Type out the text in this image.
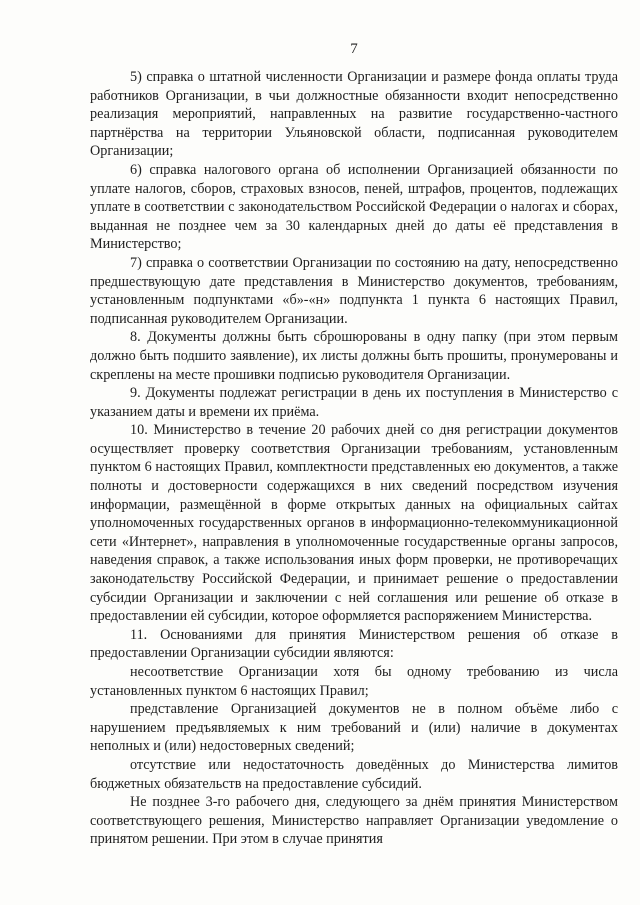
7

5) справка о штатной численности Организации и размере фонда оплаты труда работников Организации, в чьи должностные обязанности входит непосредственно реализация мероприятий, направленных на развитие государственно-частного партнёрства на территории Ульяновской области, подписанная руководителем Организации;

6) справка налогового органа об исполнении Организацией обязанности по уплате налогов, сборов, страховых взносов, пеней, штрафов, процентов, подлежащих уплате в соответствии с законодательством Российской Федерации о налогах и сборах, выданная не позднее чем за 30 календарных дней до даты её представления в Министерство;

7) справка о соответствии Организации по состоянию на дату, непосредственно предшествующую дате представления в Министерство документов, требованиям, установленным подпунктами «б»-«н» подпункта 1 пункта 6 настоящих Правил, подписанная руководителем Организации.

8. Документы должны быть сброшюрованы в одну папку (при этом первым должно быть подшито заявление), их листы должны быть прошиты, пронумерованы и скреплены на месте прошивки подписью руководителя Организации.

9. Документы подлежат регистрации в день их поступления в Министерство с указанием даты и времени их приёма.

10. Министерство в течение 20 рабочих дней со дня регистрации документов осуществляет проверку соответствия Организации требованиям, установленным пунктом 6 настоящих Правил, комплектности представленных ею документов, а также полноты и достоверности содержащихся в них сведений посредством изучения информации, размещённой в форме открытых данных на официальных сайтах уполномоченных государственных органов в информационно-телекоммуникационной сети «Интернет», направления в уполномоченные государственные органы запросов, наведения справок, а также использования иных форм проверки, не противоречащих законодательству Российской Федерации, и принимает решение о предоставлении субсидии Организации и заключении с ней соглашения или решение об отказе в предоставлении ей субсидии, которое оформляется распоряжением Министерства.

11. Основаниями для принятия Министерством решения об отказе в предоставлении Организации субсидии являются:

несоответствие Организации хотя бы одному требованию из числа установленных пунктом 6 настоящих Правил;

представление Организацией документов не в полном объёме либо с нарушением предъявляемых к ним требований и (или) наличие в документах неполных и (или) недостоверных сведений;

отсутствие или недостаточность доведённых до Министерства лимитов бюджетных обязательств на предоставление субсидий.

Не позднее 3-го рабочего дня, следующего за днём принятия Министерством соответствующего решения, Министерство направляет Организации уведомление о принятом решении. При этом в случае принятия
